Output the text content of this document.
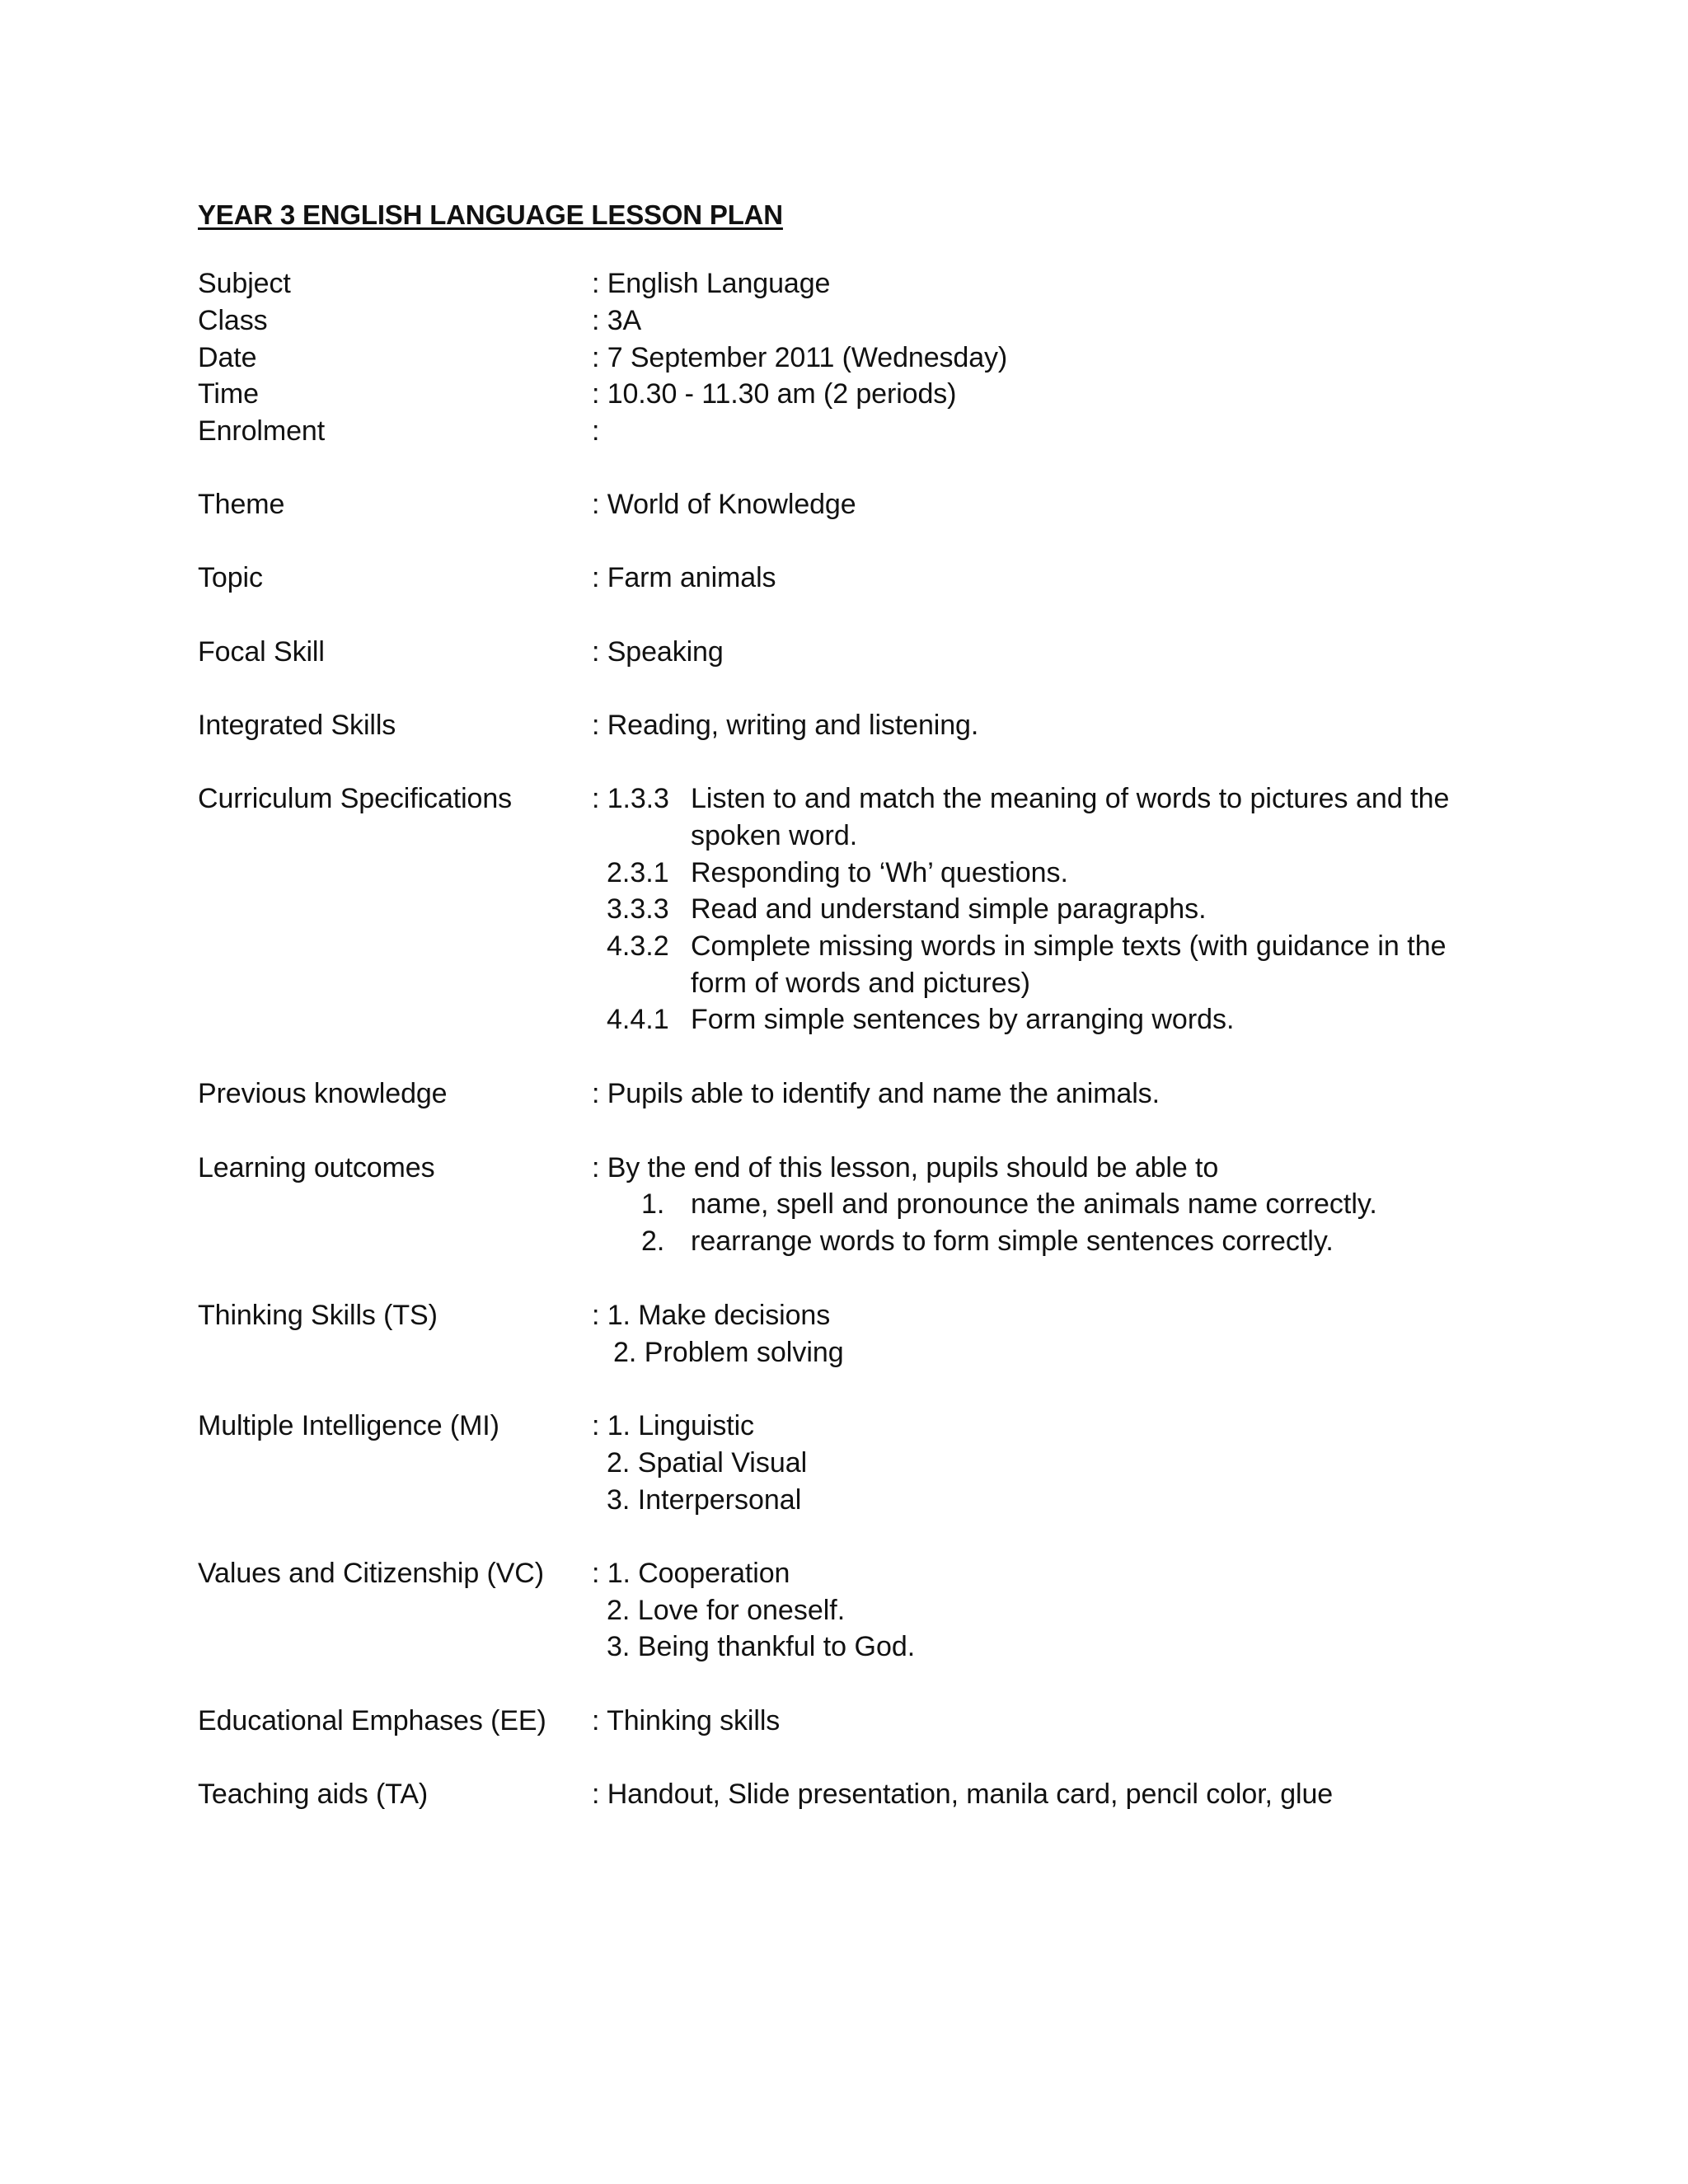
YEAR 3 ENGLISH LANGUAGE LESSON PLAN
Subject	: English Language
Class	: 3A
Date	: 7 September 2011 (Wednesday)
Time	: 10.30 - 11.30 am (2 periods)
Enrolment	:
Theme	: World of Knowledge
Topic	: Farm animals
Focal Skill	: Speaking
Integrated Skills	: Reading, writing and listening.
Curriculum Specifications	: 1.3.3 Listen to and match the meaning of words to pictures and the
spoken word.
2.3.1 Responding to ‘Wh’ questions.
3.3.3 Read and understand simple paragraphs.
4.3.2 Complete missing words in simple texts (with guidance in the
form of words and pictures)
4.4.1 Form simple sentences by arranging words.
Previous knowledge	: Pupils able to identify and name the animals.
Learning outcomes	: By the end of this lesson, pupils should be able to
1. name, spell and pronounce the animals name correctly.
2. rearrange words to form simple sentences correctly.
Thinking Skills (TS)	: 1. Make decisions
2. Problem solving
Multiple Intelligence (MI)	: 1. Linguistic
2. Spatial Visual
3. Interpersonal
Values and Citizenship (VC) : 1. Cooperation
2. Love for oneself.
3. Being thankful to God.
Educational Emphases (EE) : Thinking skills
Teaching aids (TA)	: Handout, Slide presentation, manila card, pencil color, glue
